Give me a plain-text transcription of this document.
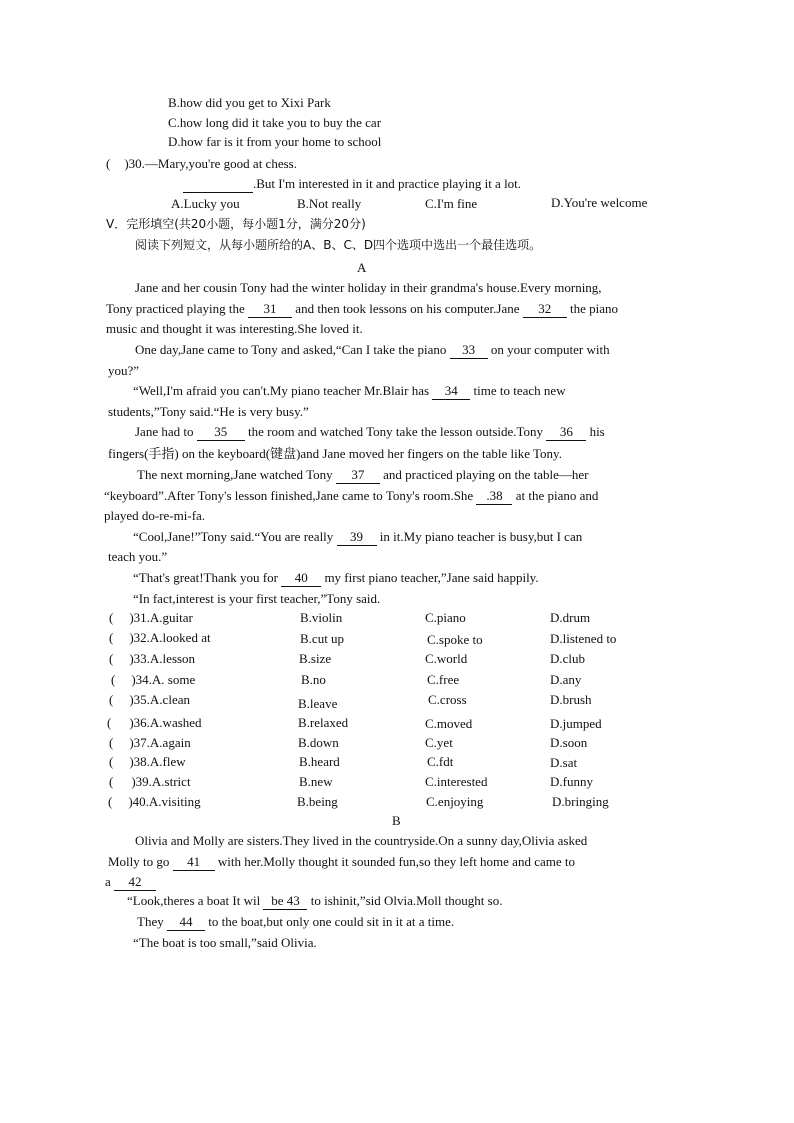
B.how did you get to Xixi Park
C.how long did it take you to buy the car
D.how far is it from your home to school
( )30.—Mary,you're good at chess.
.But I'm interested in it and practice playing it a lot.
A.Lucky you	B.Not really	C.I'm fine	D.You're welcome
V．完形填空(共20小题，每小题1分，满分20分)
阅读下列短文，从每小题所给的A、B、C、D四个选项中选出一个最佳选项。
A
Jane and her cousin Tony had the winter holiday in their grandma's house.Every morning,
Tony practiced playing the 31 and then took lessons on his computer.Jane 32 the piano
music and thought it was interesting.She loved it.
One day,Jane came to Tony and asked,“Can I take the piano 33 on your computer with
you?”
“Well,I'm afraid you can't.My piano teacher Mr.Blair has 34 time to teach new
students,”Tony said.“He is very busy.”
Jane had to 35 the room and watched Tony take the lesson outside.Tony 36 his
fingers(手指) on the keyboard(键盘)and Jane moved her fingers on the table like Tony.
The next morning,Jane watched Tony 37 and practiced playing on the table—her
“keyboard”.After Tony's lesson finished,Jane came to Tony's room.She .38 at the piano and
played do-re-mi-fa.
“Cool,Jane!”Tony said.“You are really 39 in it.My piano teacher is busy,but I can
teach you.”
“That's great!Thank you for 40 my first piano teacher,”Jane said happily.
“In fact,interest is your first teacher,”Tony said.
( )31.A.guitar	B.violin	C.piano	D.drum
( )32.A.looked at	B.cut up	C.spoke to	D.listened to
( )33.A.lesson	B.size	C.world	D.club
( )34.A. some	B.no	C.free	D.any
( )35.A.clean	B.leave	C.cross	D.brush
( )36.A.washed	B.relaxed	C.moved	D.jumped
( )37.A.again	B.down	C.yet	D.soon
( )38.A.flew	B.heard	C.fdt	D.sat
( )39.A.strict	B.new	C.interested	D.funny
( )40.A.visiting	B.being	C.enjoying	D.bringing
B
Olivia and Molly are sisters.They lived in the countryside.On a sunny day,Olivia asked
Molly to go 41 with her.Molly thought it sounded fun,so they left home and came to
a 42
“Look,theres a boat It wil be 43 to ishinit,”sid Olvia.Moll thought so.
They 44 to the boat,but only one could sit in it at a time.
“The boat is too small,”said Olivia.
